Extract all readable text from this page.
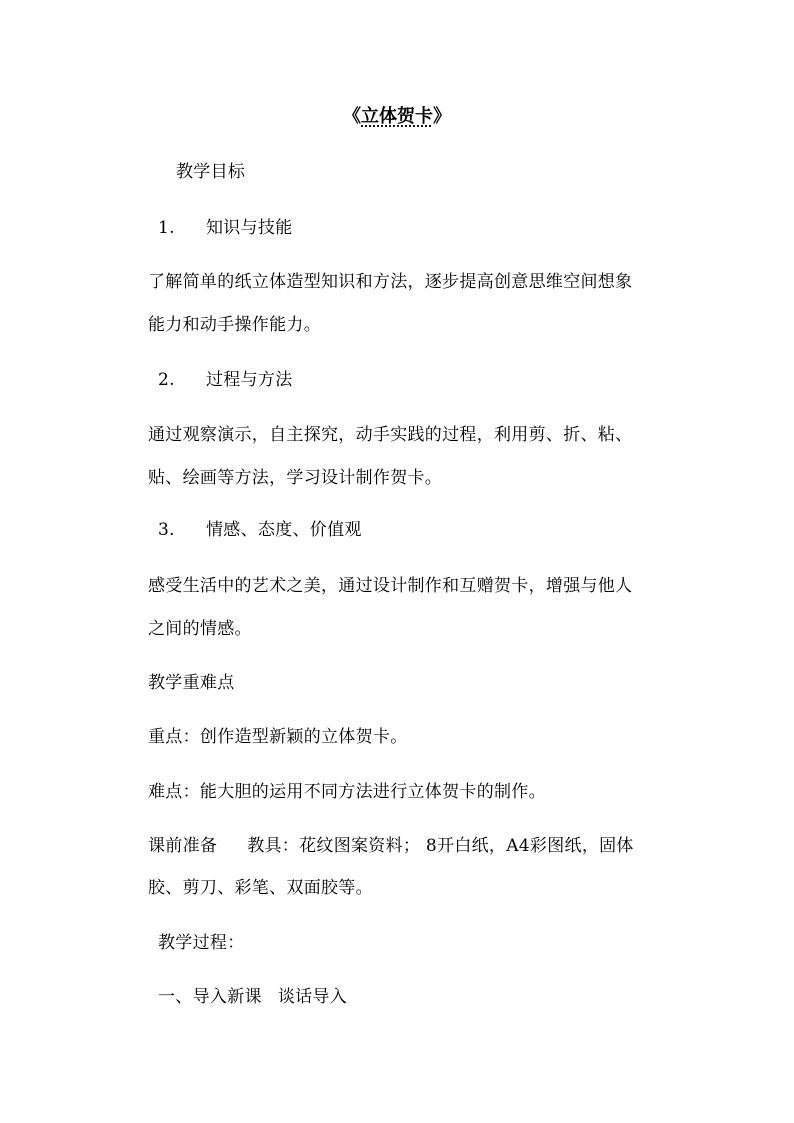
《立体贺卡》
教学目标
1. 知识与技能
了解简单的纸立体造型知识和方法，逐步提高创意思维空间想象
能力和动手操作能力。
2. 过程与方法
通过观察演示，自主探究，动手实践的过程，利用剪、折、粘、
贴、绘画等方法，学习设计制作贺卡。
3. 情感、态度、价值观
感受生活中的艺术之美，通过设计制作和互赠贺卡，增强与他人
之间的情感。
教学重难点
重点：创作造型新颖的立体贺卡。
难点：能大胆的运用不同方法进行立体贺卡的制作。
课前准备 教具：花纹图案资料； 8开白纸，A4彩图纸，固体
胶、剪刀、彩笔、双面胶等。
教学过程：
一、导入新课 谈话导入
